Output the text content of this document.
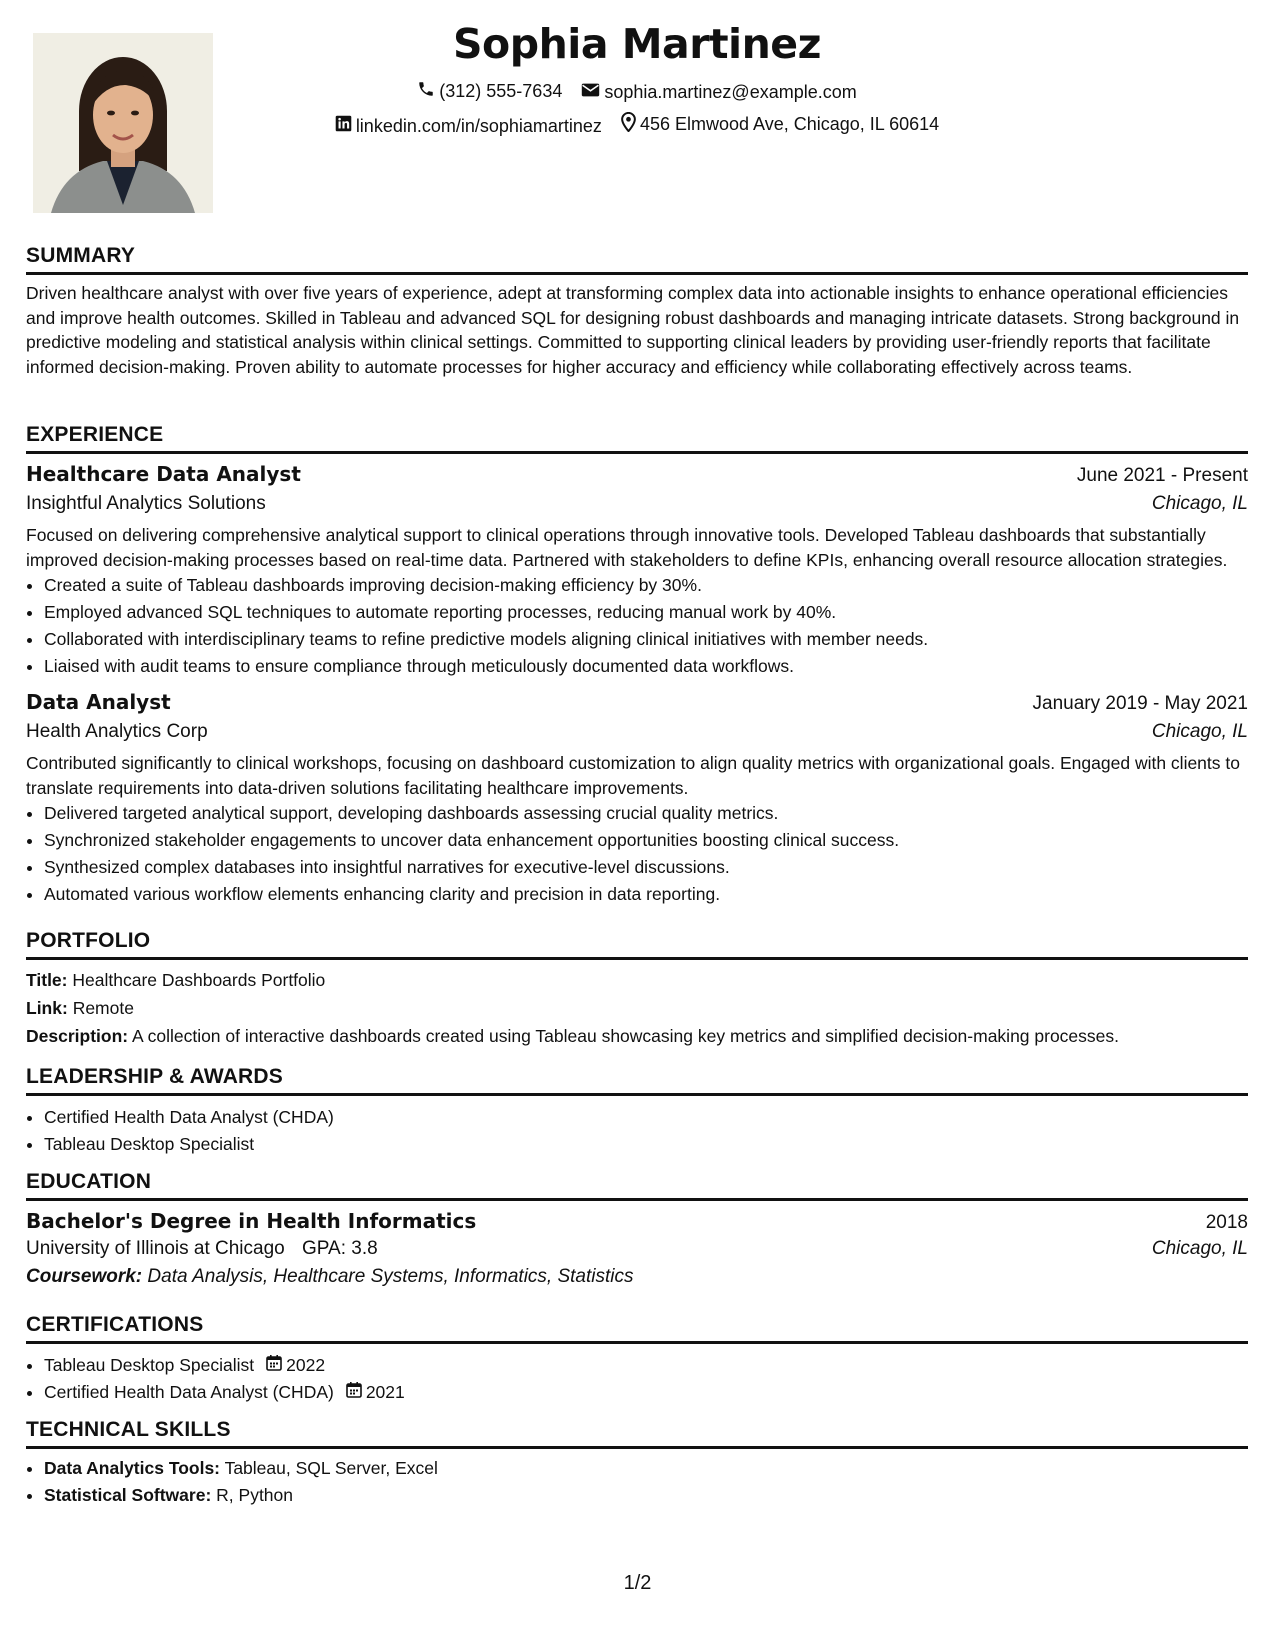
Sophia Martinez
(312) 555-7634
sophia.martinez@example.com
linkedin.com/in/sophiamartinez
456 Elmwood Ave, Chicago, IL 60614
SUMMARY
Driven healthcare analyst with over five years of experience, adept at transforming complex data into actionable insights to enhance operational efficiencies and improve health outcomes. Skilled in Tableau and advanced SQL for designing robust dashboards and managing intricate datasets. Strong background in predictive modeling and statistical analysis within clinical settings. Committed to supporting clinical leaders by providing user-friendly reports that facilitate informed decision-making. Proven ability to automate processes for higher accuracy and efficiency while collaborating effectively across teams.
EXPERIENCE
Healthcare Data Analyst	June 2021 - Present
Insightful Analytics Solutions	Chicago, IL
Focused on delivering comprehensive analytical support to clinical operations through innovative tools. Developed Tableau dashboards that substantially improved decision-making processes based on real-time data. Partnered with stakeholders to define KPIs, enhancing overall resource allocation strategies.
• Created a suite of Tableau dashboards improving decision-making efficiency by 30%.
• Employed advanced SQL techniques to automate reporting processes, reducing manual work by 40%.
• Collaborated with interdisciplinary teams to refine predictive models aligning clinical initiatives with member needs.
• Liaised with audit teams to ensure compliance through meticulously documented data workflows.
Data Analyst	January 2019 - May 2021
Health Analytics Corp	Chicago, IL
Contributed significantly to clinical workshops, focusing on dashboard customization to align quality metrics with organizational goals. Engaged with clients to translate requirements into data-driven solutions facilitating healthcare improvements.
• Delivered targeted analytical support, developing dashboards assessing crucial quality metrics.
• Synchronized stakeholder engagements to uncover data enhancement opportunities boosting clinical success.
• Synthesized complex databases into insightful narratives for executive-level discussions.
• Automated various workflow elements enhancing clarity and precision in data reporting.
PORTFOLIO
Title: Healthcare Dashboards Portfolio
Link: Remote
Description: A collection of interactive dashboards created using Tableau showcasing key metrics and simplified decision-making processes.
LEADERSHIP & AWARDS
• Certified Health Data Analyst (CHDA)
• Tableau Desktop Specialist
EDUCATION
Bachelor's Degree in Health Informatics	2018
University of Illinois at Chicago GPA: 3.8	Chicago, IL
Coursework: Data Analysis, Healthcare Systems, Informatics, Statistics
CERTIFICATIONS
• Tableau Desktop Specialist 2022
• Certified Health Data Analyst (CHDA) 2021
TECHNICAL SKILLS
• Data Analytics Tools: Tableau, SQL Server, Excel
• Statistical Software: R, Python
1/2
